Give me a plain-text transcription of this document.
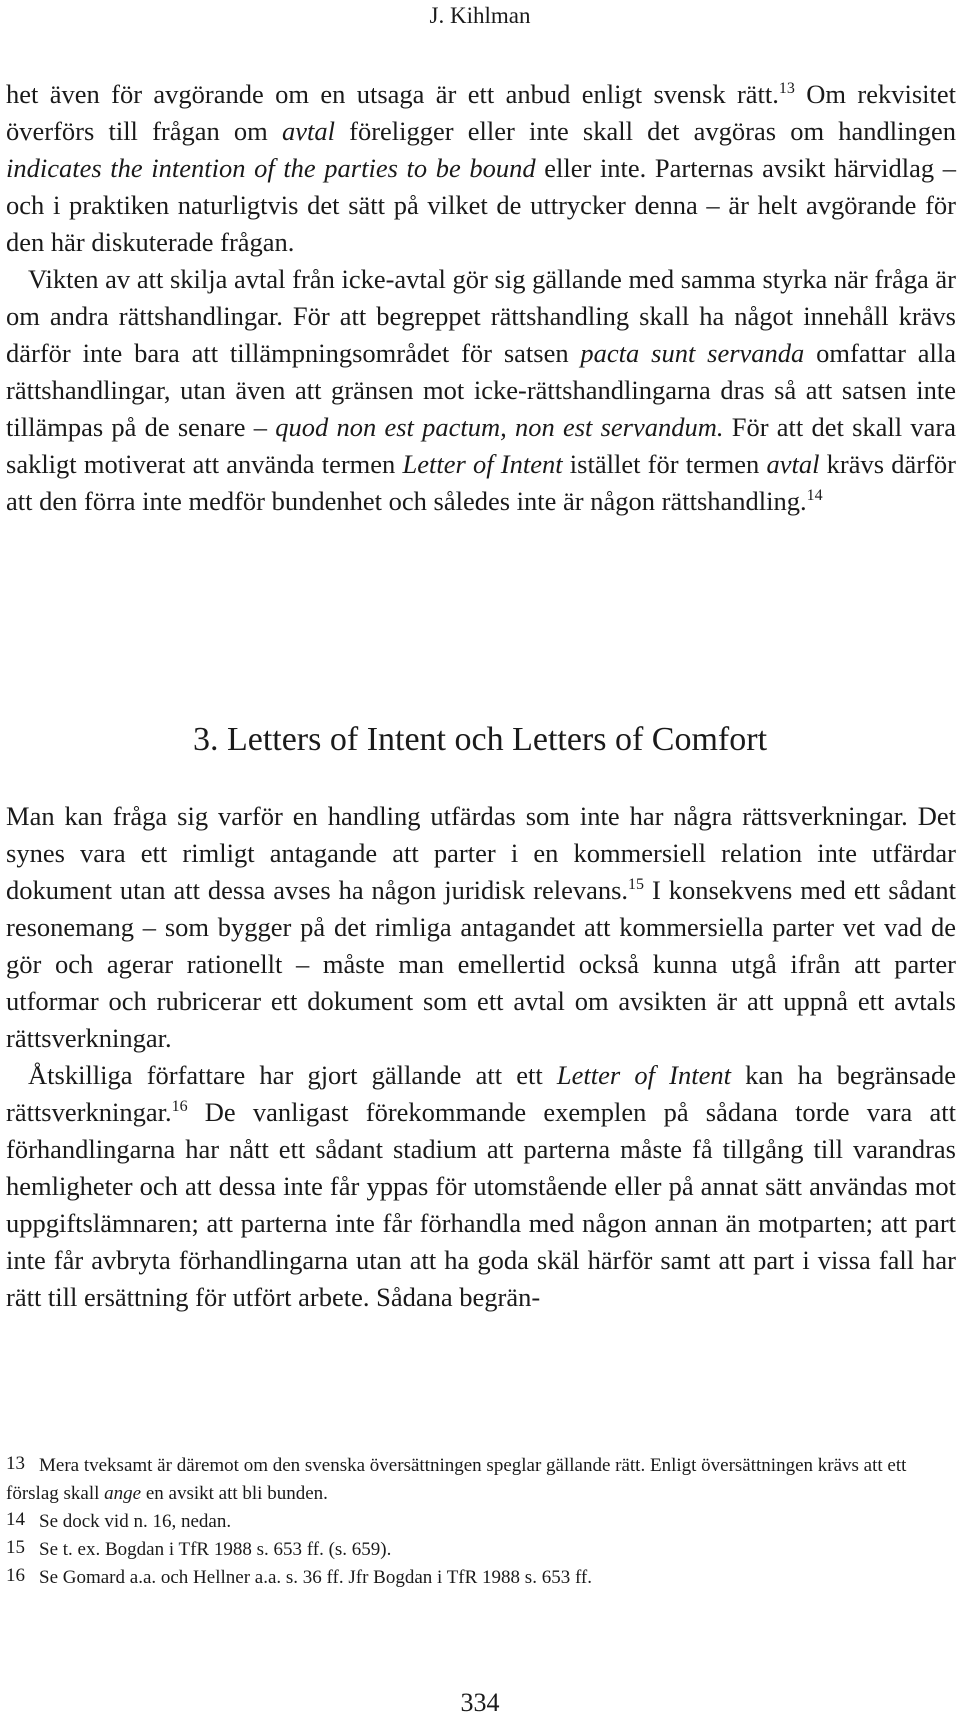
J. Kihlman

het även för avgörande om en utsaga är ett anbud enligt svensk rätt.$^{13}$ Om rekvisitet överförs till frågan om avtal föreligger eller inte skall det avgöras om handlingen indicates the intention of the parties to be bound eller inte. Parternas avsikt härvidlag – och i praktiken naturligtvis det sätt på vilket de uttrycker denna – är helt avgörande för den här diskuterade frågan.

Vikten av att skilja avtal från icke-avtal gör sig gällande med samma styrka när fråga är om andra rättshandlingar. För att begreppet rättshandling skall ha något innehåll krävs därför inte bara att tillämpningsområdet för satsen pacta sunt servanda omfattar alla rättshandlingar, utan även att gränsen mot icke-rättshandlingarna dras så att satsen inte tillämpas på de senare – quod non est pactum, non est servandum. För att det skall vara sakligt motiverat att använda termen Letter of Intent istället för termen avtal krävs därför att den förra inte medför bundenhet och således inte är någon rättshandling.$^{14}$

3. Letters of Intent och Letters of Comfort

Man kan fråga sig varför en handling utfärdas som inte har några rättsverkningar. Det synes vara ett rimligt antagande att parter i en kommersiell relation inte utfärdar dokument utan att dessa avses ha någon juridisk relevans.$^{15}$ I konsekvens med ett sådant resonemang – som bygger på det rimliga antagandet att kommersiella parter vet vad de gör och agerar rationellt – måste man emellertid också kunna utgå ifrån att parter utformar och rubricerar ett dokument som ett avtal om avsikten är att uppnå ett avtals rättsverkningar.

Åtskilliga författare har gjort gällande att ett Letter of Intent kan ha begränsade rättsverkningar.$^{16}$ De vanligast förekommande exemplen på sådana torde vara att förhandlingarna har nått ett sådant stadium att parterna måste få tillgång till varandras hemligheter och att dessa inte får yppas för utomstående eller på annat sätt användas mot uppgiftslämnaren; att parterna inte får förhandla med någon annan än motparten; att part inte får avbryta förhandlingarna utan att ha goda skäl härför samt att part i vissa fall har rätt till ersättning för utfört arbete. Sådana begrän-

$^{13}$ Mera tveksamt är däremot om den svenska översättningen speglar gällande rätt. Enligt översättningen krävs att ett förslag skall ange en avsikt att bli bunden.

$^{14}$ Se dock vid n. 16, nedan.

$^{15}$ Se t. ex. Bogdan i TfR 1988 s. 653 ff. (s. 659).

$^{16}$ Se Gomard a.a. och Hellner a.a. s. 36 ff. Jfr Bogdan i TfR 1988 s. 653 ff.

334
